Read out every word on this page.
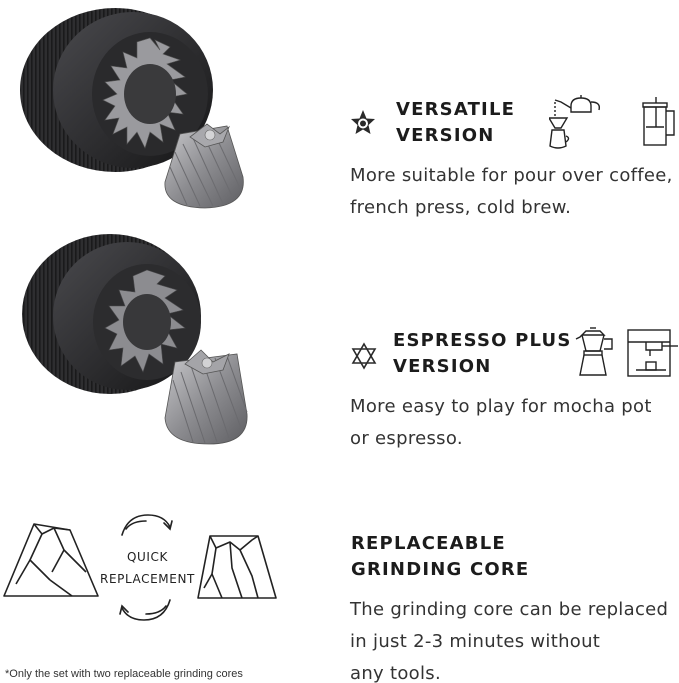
VERSATILE
VERSION
More suitable for pour over coffee,
french press, cold brew.
ESPRESSO PLUS
VERSION
More easy to play for mocha pot
or espresso.
QUICK
REPLACEMENT
*Only the set with two replaceable grinding cores
REPLACEABLE
GRINDING CORE
The grinding core can be replaced
in just 2-3 minutes without
any tools.
